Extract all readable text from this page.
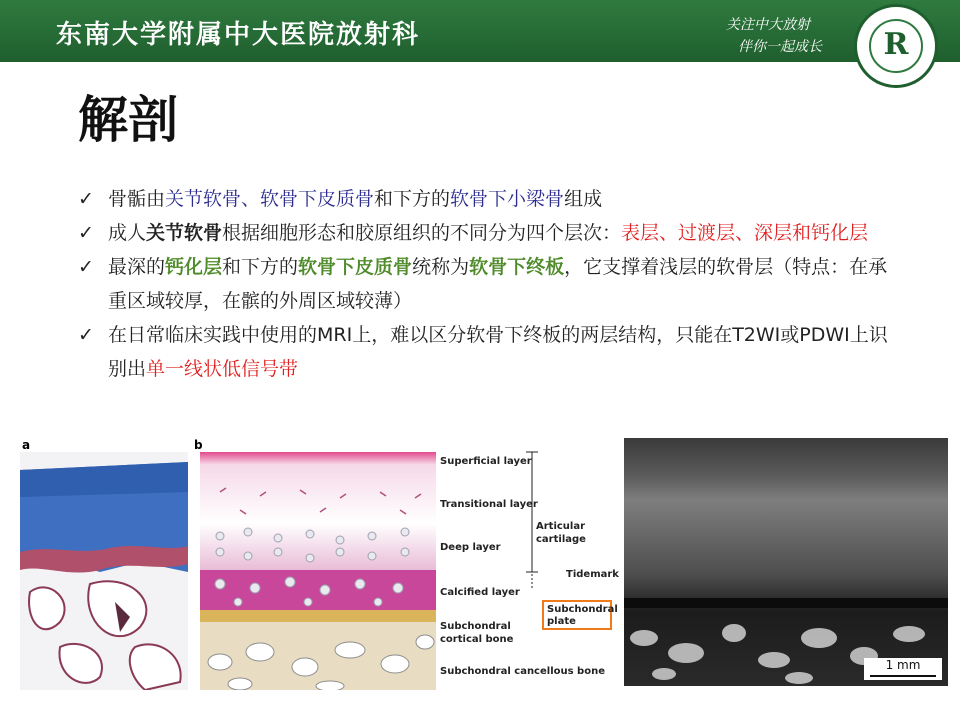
东南大学附属中大医院放射科	关注中大放射
伴你一起成长	R
解剖
✓ 骨骺由关节软骨、软骨下皮质骨和下方的软骨下小梁骨组成
✓ 成人关节软骨根据细胞形态和胶原组织的不同分为四个层次：表层、过渡层、深层和钙化层
✓ 最深的钙化层和下方的软骨下皮质骨统称为软骨下终板，它支撑着浅层的软骨层（特点：在承重区域较厚，在髌的外周区域较薄）
✓ 在日常临床实践中使用的MRI上，难以区分软骨下终板的两层结构，只能在T2WI或PDWI上识别出单一线状低信号带
a	b
Superficial layer
Transitional layer
Deep layer
Calcified layer
Subchondral cortical bone
Subchondral cancellous bone
Articular cartilage
Tidemark
Subchondral plate
1 mm
